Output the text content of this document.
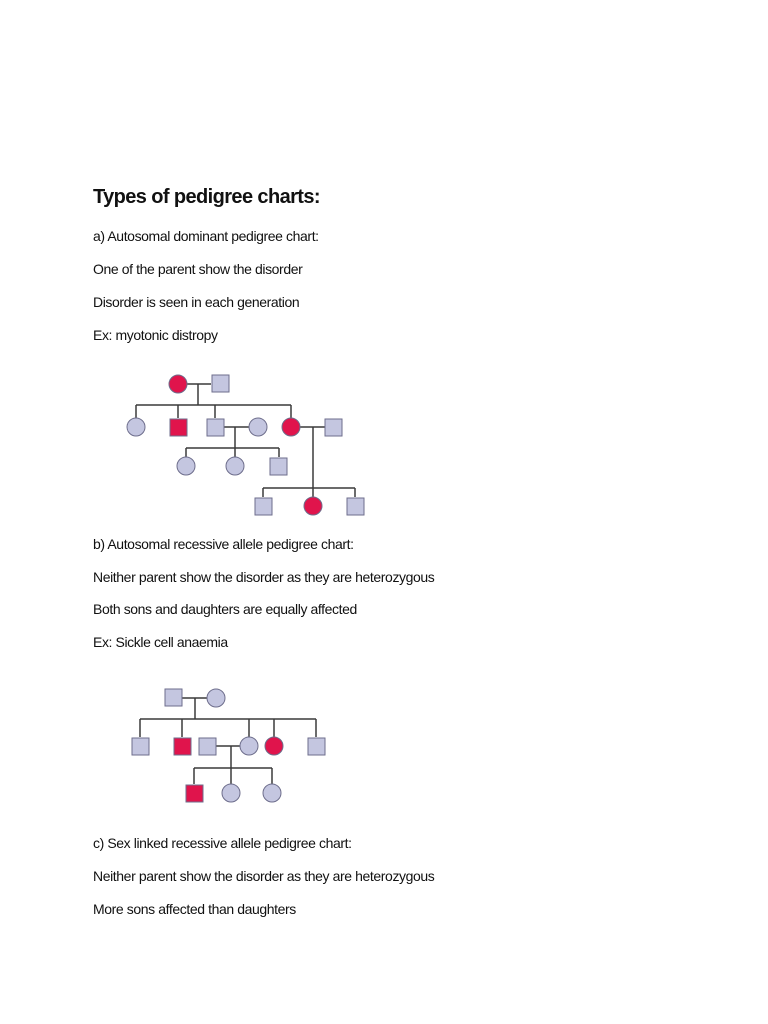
Types of pedigree charts:

a) Autosomal dominant pedigree chart:

One of the parent show the disorder

Disorder is seen in each generation

Ex: myotonic distropy

b) Autosomal recessive allele pedigree chart:

Neither parent show the disorder as they are heterozygous

Both sons and daughters are equally affected

Ex: Sickle cell anaemia

c) Sex linked recessive allele pedigree chart:

Neither parent show the disorder as they are heterozygous

More sons affected than daughters
